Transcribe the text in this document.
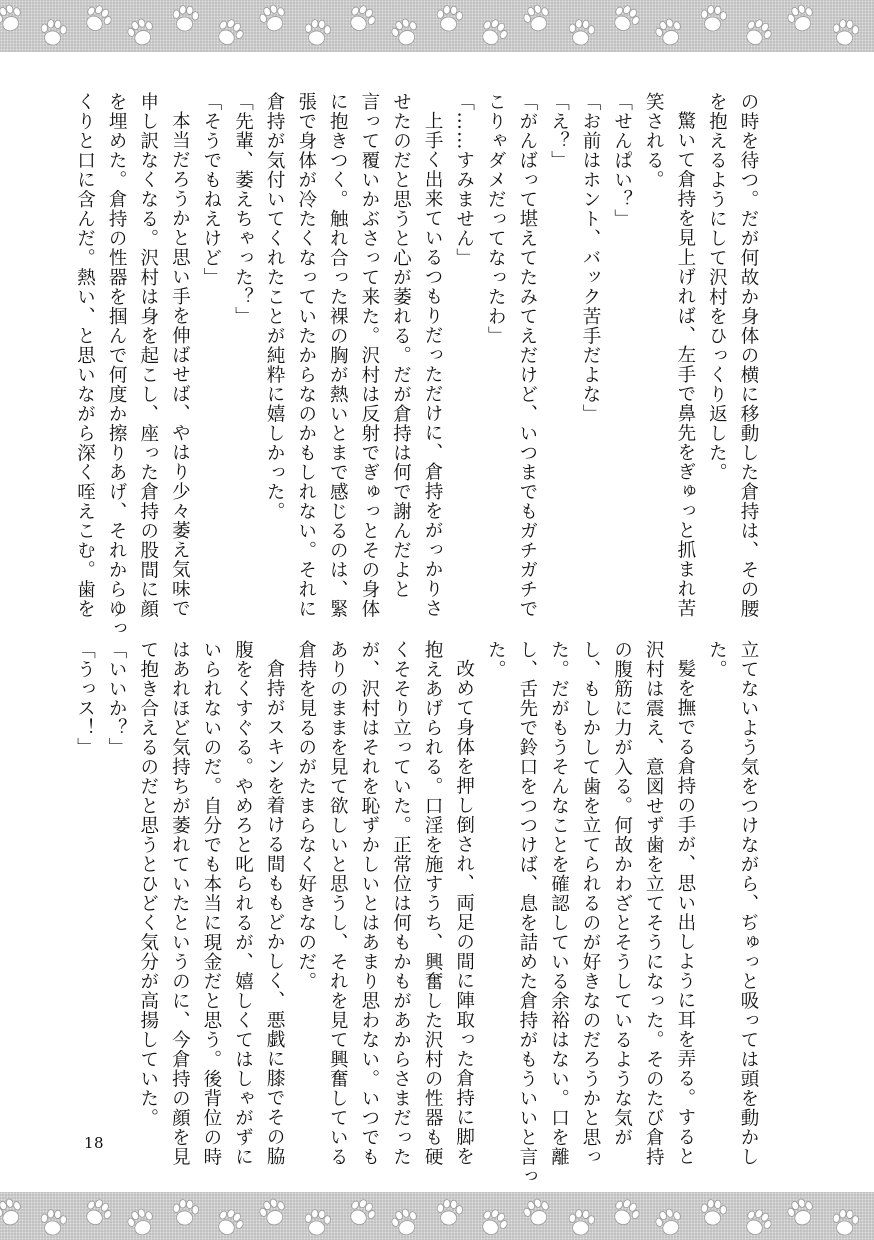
の時を待つ。だが何故か身体の横に移動した倉持は、その腰
を抱えるようにして沢村をひっくり返した。
驚いて倉持を見上げれば、左手で鼻先をぎゅっと抓まれ苦
笑される。
「せんぱい？」
「お前はホント、バック苦手だよな」
「え？」
「がんばって堪えてたみてえだけど、いつまでもガチガチで
こりゃダメだってなったわ」
「……すみません」
上手く出来ているつもりだっただけに、倉持をがっかりさ
せたのだと思うと心が萎れる。だが倉持は何で謝んだよと
言って覆いかぶさって来た。沢村は反射でぎゅっとその身体
に抱きつく。触れ合った裸の胸が熱いとまで感じるのは、緊
張で身体が冷たくなっていたからなのかもしれない。それに
倉持が気付いてくれたことが純粋に嬉しかった。
「先輩、萎えちゃった？」
「そうでもねえけど」
本当だろうかと思い手を伸ばせば、やはり少々萎え気味で
申し訳なくなる。沢村は身を起こし、座った倉持の股間に顔
を埋めた。倉持の性器を掴んで何度か擦りあげ、それからゆっ
くりと口に含んだ。熱い、と思いながら深く咥えこむ。歯を
立てないよう気をつけながら、ぢゅっと吸っては頭を動かし
た。
髪を撫でる倉持の手が、思い出しように耳を弄る。すると
沢村は震え、意図せず歯を立てそうになった。そのたび倉持
の腹筋に力が入る。何故かわざとそうしているような気が
し、もしかして歯を立てられるのが好きなのだろうかと思っ
た。だがもうそんなことを確認している余裕はない。口を離
し、舌先で鈴口をつつけば、息を詰めた倉持がもういいと言っ
た。
改めて身体を押し倒され、両足の間に陣取った倉持に脚を
抱えあげられる。口淫を施すうち、興奮した沢村の性器も硬
くそそり立っていた。正常位は何もかもがあからさまだった
が、沢村はそれを恥ずかしいとはあまり思わない。いつでも
ありのままを見て欲しいと思うし、それを見て興奮している
倉持を見るのがたまらなく好きなのだ。
倉持がスキンを着ける間ももどかしく、悪戯に膝でその脇
腹をくすぐる。やめろと叱られるが、嬉しくてはしゃがずに
いられないのだ。自分でも本当に現金だと思う。後背位の時
はあれほど気持ちが萎れていたというのに、今倉持の顔を見
て抱き合えるのだと思うとひどく気分が高揚していた。
「いいか？」
「うっス！」
18
